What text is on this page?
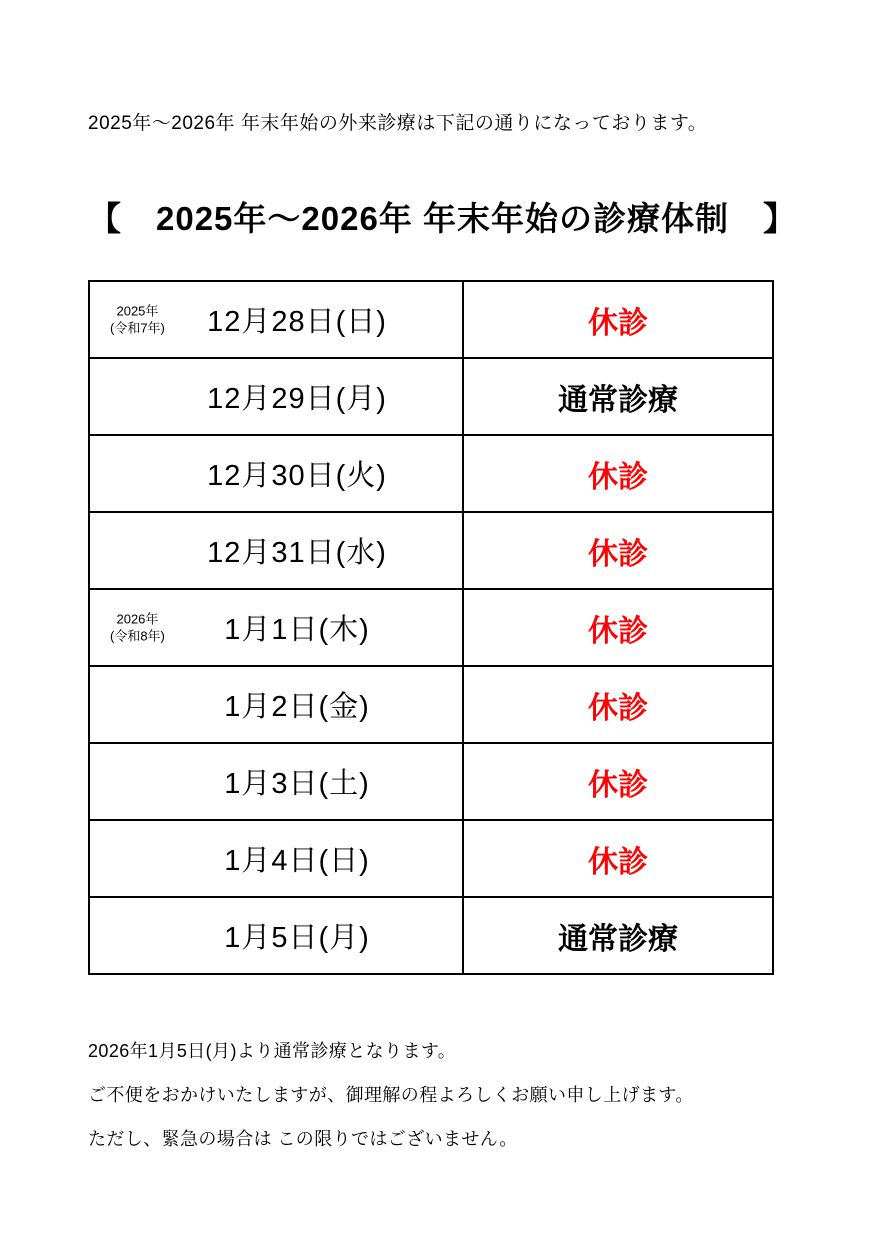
2025年～2026年 年末年始の外来診療は下記の通りになっております。
【　2025年～2026年 年末年始の診療体制　】
2025年
(令和7年) 12月28日(日)	休診

12月29日(月)	通常診療

12月30日(火)	休診

12月31日(水)	休診

2026年
(令和8年) 1月1日(木)	休診

1月2日(金)	休診

1月3日(土)	休診

1月4日(日)	休診

1月5日(月)	通常診療
2026年1月5日(月)より通常診療となります。
ご不便をおかけいたしますが、御理解の程よろしくお願い申し上げます。
ただし、緊急の場合は この限りではございません。
